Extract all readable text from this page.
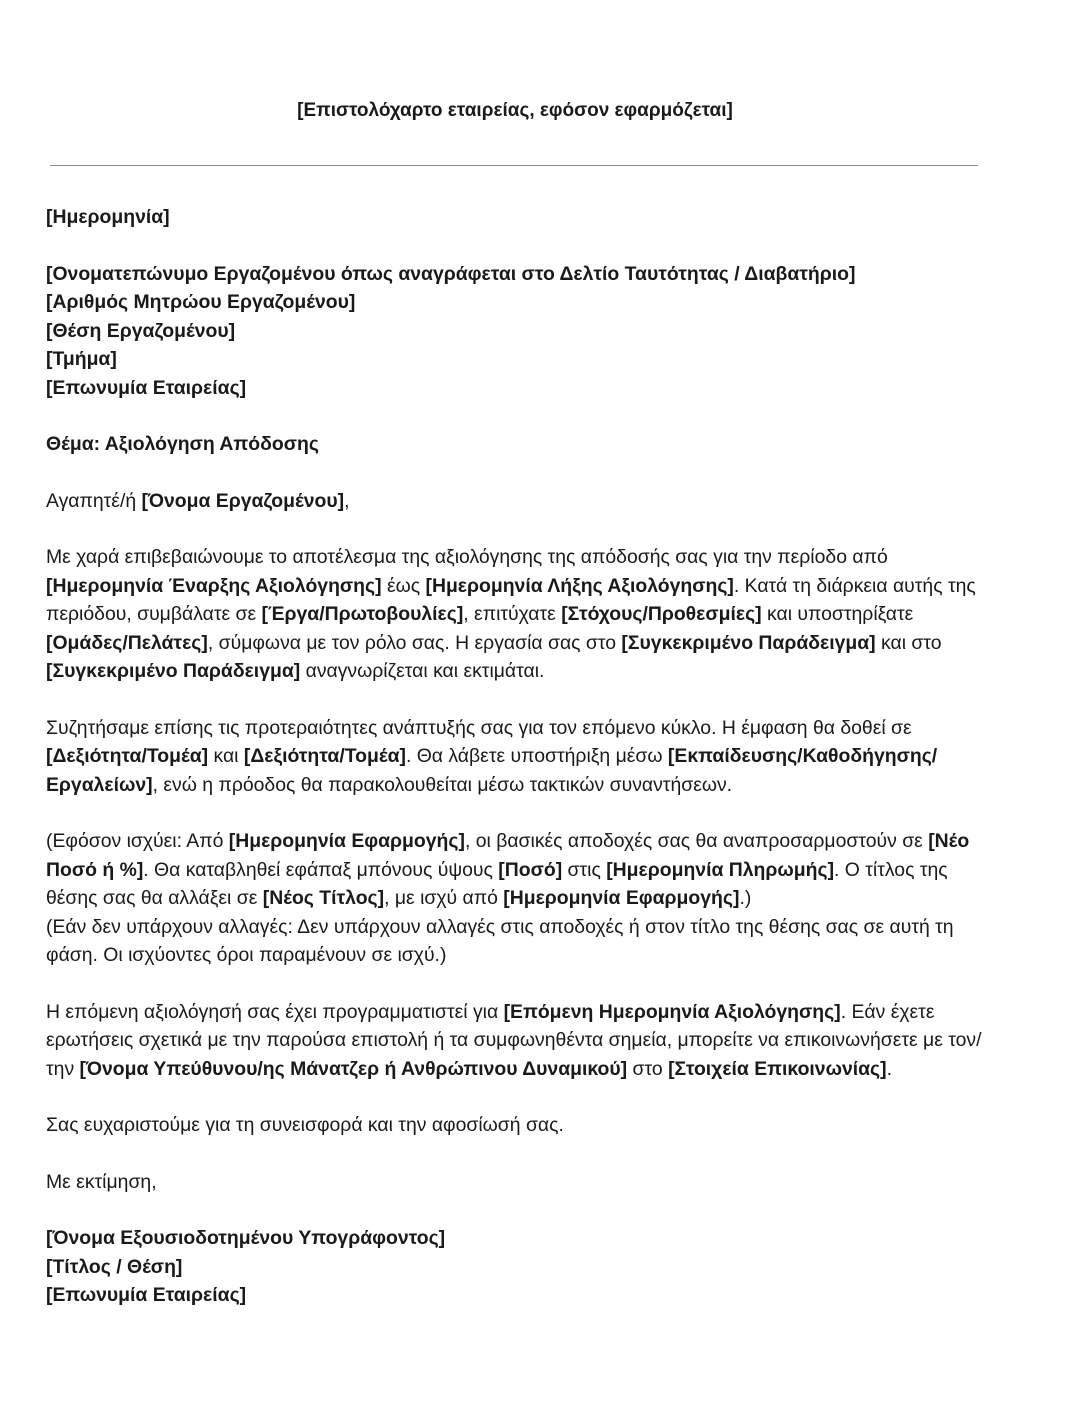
[Επιστολόχαρτο εταιρείας, εφόσον εφαρμόζεται]

[Ημερομηνία]

[Ονοματεπώνυμο Εργαζομένου όπως αναγράφεται στο Δελτίο Ταυτότητας / Διαβατήριο]
[Αριθμός Μητρώου Εργαζομένου]
[Θέση Εργαζομένου]
[Τμήμα]
[Επωνυμία Εταιρείας]

Θέμα: Αξιολόγηση Απόδοσης

Αγαπητέ/ή [Όνομα Εργαζομένου],

Με χαρά επιβεβαιώνουμε το αποτέλεσμα της αξιολόγησης της απόδοσής σας για την περίοδο από [Ημερομηνία Έναρξης Αξιολόγησης] έως [Ημερομηνία Λήξης Αξιολόγησης]. Κατά τη διάρκεια αυτής της περιόδου, συμβάλατε σε [Έργα/Πρωτοβουλίες], επιτύχατε [Στόχους/Προθεσμίες] και υποστηρίξατε [Ομάδες/Πελάτες], σύμφωνα με τον ρόλο σας. Η εργασία σας στο [Συγκεκριμένο Παράδειγμα] και στο [Συγκεκριμένο Παράδειγμα] αναγνωρίζεται και εκτιμάται.

Συζητήσαμε επίσης τις προτεραιότητες ανάπτυξής σας για τον επόμενο κύκλο. Η έμφαση θα δοθεί σε [Δεξιότητα/Τομέα] και [Δεξιότητα/Τομέα]. Θα λάβετε υποστήριξη μέσω [Εκπαίδευσης/Καθοδήγησης/Εργαλείων], ενώ η πρόοδος θα παρακολουθείται μέσω τακτικών συναντήσεων.

(Εφόσον ισχύει: Από [Ημερομηνία Εφαρμογής], οι βασικές αποδοχές σας θα αναπροσαρμοστούν σε [Νέο Ποσό ή %]. Θα καταβληθεί εφάπαξ μπόνους ύψους [Ποσό] στις [Ημερομηνία Πληρωμής]. Ο τίτλος της θέσης σας θα αλλάξει σε [Νέος Τίτλος], με ισχύ από [Ημερομηνία Εφαρμογής].)

(Εάν δεν υπάρχουν αλλαγές: Δεν υπάρχουν αλλαγές στις αποδοχές ή στον τίτλο της θέσης σας σε αυτή τη φάση. Οι ισχύοντες όροι παραμένουν σε ισχύ.)

Η επόμενη αξιολόγησή σας έχει προγραμματιστεί για [Επόμενη Ημερομηνία Αξιολόγησης]. Εάν έχετε ερωτήσεις σχετικά με την παρούσα επιστολή ή τα συμφωνηθέντα σημεία, μπορείτε να επικοινωνήσετε με τον/την [Όνομα Υπεύθυνου/ης Μάνατζερ ή Ανθρώπινου Δυναμικού] στο [Στοιχεία Επικοινωνίας].

Σας ευχαριστούμε για τη συνεισφορά και την αφοσίωσή σας.

Με εκτίμηση,

[Όνομα Εξουσιοδοτημένου Υπογράφοντος]
[Τίτλος / Θέση]
[Επωνυμία Εταιρείας]
